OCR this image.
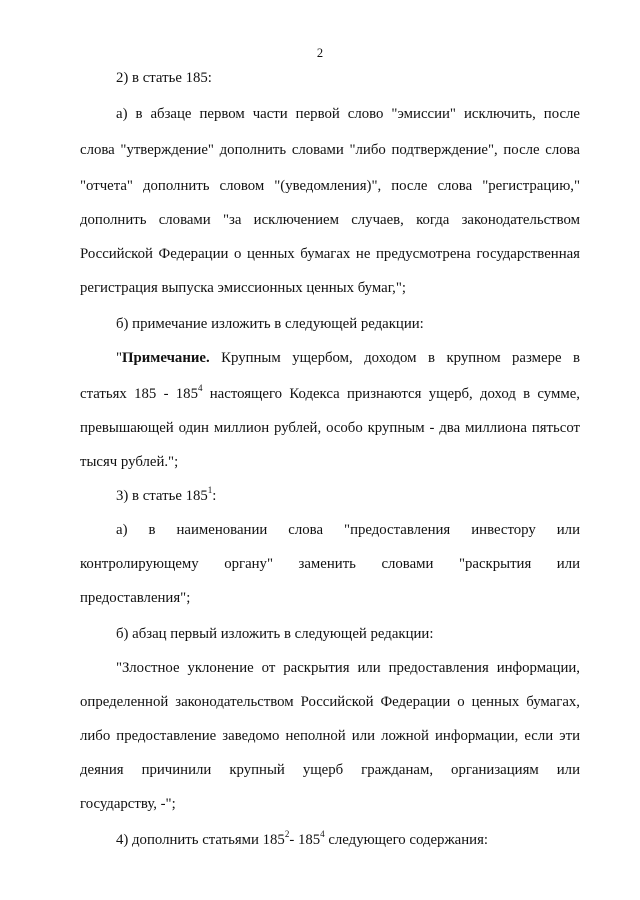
2

2) в статье 185:

а) в абзаце первом части первой слово "эмиссии" исключить, после

слова "утверждение" дополнить словами "либо подтверждение", после слова

"отчета" дополнить словом "(уведомления)", после слова "регистрацию,"

дополнить словами "за исключением случаев, когда законодательством

Российской Федерации о ценных бумагах не предусмотрена государственная

регистрация выпуска эмиссионных ценных бумаг,";

б) примечание изложить в следующей редакции:

"Примечание. Крупным ущербом, доходом в крупном размере в

статьях $185 - 185^4$ настоящего Кодекса признаются ущерб, доход в сумме,

превышающей один миллион рублей, особо крупным - два миллиона пятьсот

тысяч рублей.";

3) в статье $185^1$:

а) в наименовании слова "предоставления инвестору или

контролирующему органу" заменить словами "раскрытия или

предоставления";

б) абзац первый изложить в следующей редакции:

"Злостное уклонение от раскрытия или предоставления информации,

определенной законодательством Российской Федерации о ценных бумагах,

либо предоставление заведомо неполной или ложной информации, если эти

деяния причинили крупный ущерб гражданам, организациям или

государству, -";

4) дополнить статьями $185^2-$ $185^4$ следующего содержания:
